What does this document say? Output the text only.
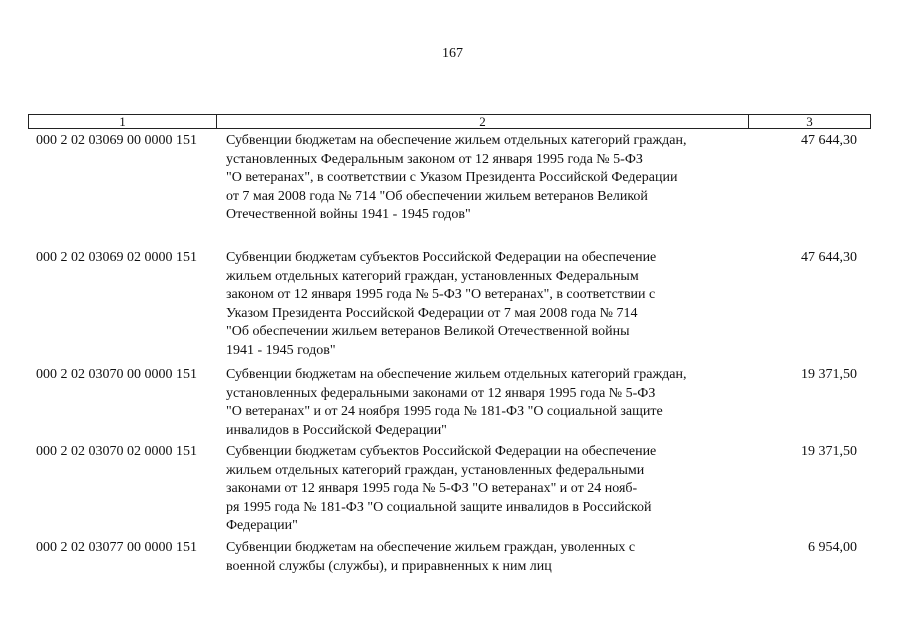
167
1	2	3
000 2 02 03069 00 0000 151 Субвенции бюджетам на обеспечение жильем отдельных категорий граждан,
установленных Федеральным законом от 12 января 1995 года № 5-ФЗ
"О ветеранах", в соответствии с Указом Президента Российской Федерации
от 7 мая 2008 года № 714 "Об обеспечении жильем ветеранов Великой
Отечественной войны 1941 - 1945 годов"
47 644,30
000 2 02 03069 02 0000 151 Субвенции бюджетам субъектов Российской Федерации на обеспечение
жильем отдельных категорий граждан, установленных Федеральным
законом от 12 января 1995 года № 5-ФЗ "О ветеранах", в соответствии с
Указом Президента Российской Федерации от 7 мая 2008 года № 714
"Об обеспечении жильем ветеранов Великой Отечественной войны
1941 - 1945 годов"
47 644,30
000 2 02 03070 00 0000 151 Субвенции бюджетам на обеспечение жильем отдельных категорий граждан,
установленных федеральными законами от 12 января 1995 года № 5-ФЗ
"О ветеранах" и от 24 ноября 1995 года № 181-ФЗ "О социальной защите
инвалидов в Российской Федерации"
19 371,50
000 2 02 03070 02 0000 151 Субвенции бюджетам субъектов Российской Федерации на обеспечение
жильем отдельных категорий граждан, установленных федеральными
законами от 12 января 1995 года № 5-ФЗ "О ветеранах" и от 24 нояб-
ря 1995 года № 181-ФЗ "О социальной защите инвалидов в Российской
Федерации"
19 371,50
000 2 02 03077 00 0000 151 Субвенции бюджетам на обеспечение жильем граждан, уволенных с
военной службы (службы), и приравненных к ним лиц
6 954,00
